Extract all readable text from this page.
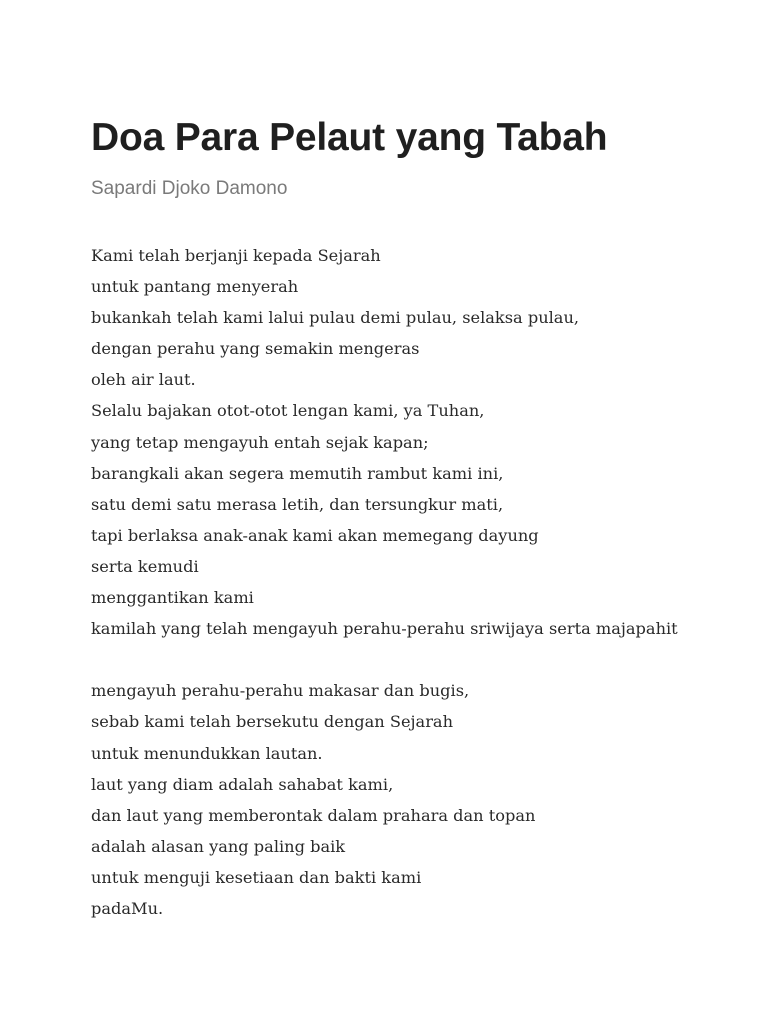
Doa Para Pelaut yang Tabah
Sapardi Djoko Damono
Kami telah berjanji kepada Sejarah
untuk pantang menyerah
bukankah telah kami lalui pulau demi pulau, selaksa pulau,
dengan perahu yang semakin mengeras
oleh air laut.
Selalu bajakan otot-otot lengan kami, ya Tuhan,
yang tetap mengayuh entah sejak kapan;
barangkali akan segera memutih rambut kami ini,
satu demi satu merasa letih, dan tersungkur mati,
tapi berlaksa anak-anak kami akan memegang dayung
serta kemudi
menggantikan kami
kamilah yang telah mengayuh perahu-perahu sriwijaya serta majapahit
mengayuh perahu-perahu makasar dan bugis,
sebab kami telah bersekutu dengan Sejarah
untuk menundukkan lautan.
laut yang diam adalah sahabat kami,
dan laut yang memberontak dalam prahara dan topan
adalah alasan yang paling baik
untuk menguji kesetiaan dan bakti kami
padaMu.
